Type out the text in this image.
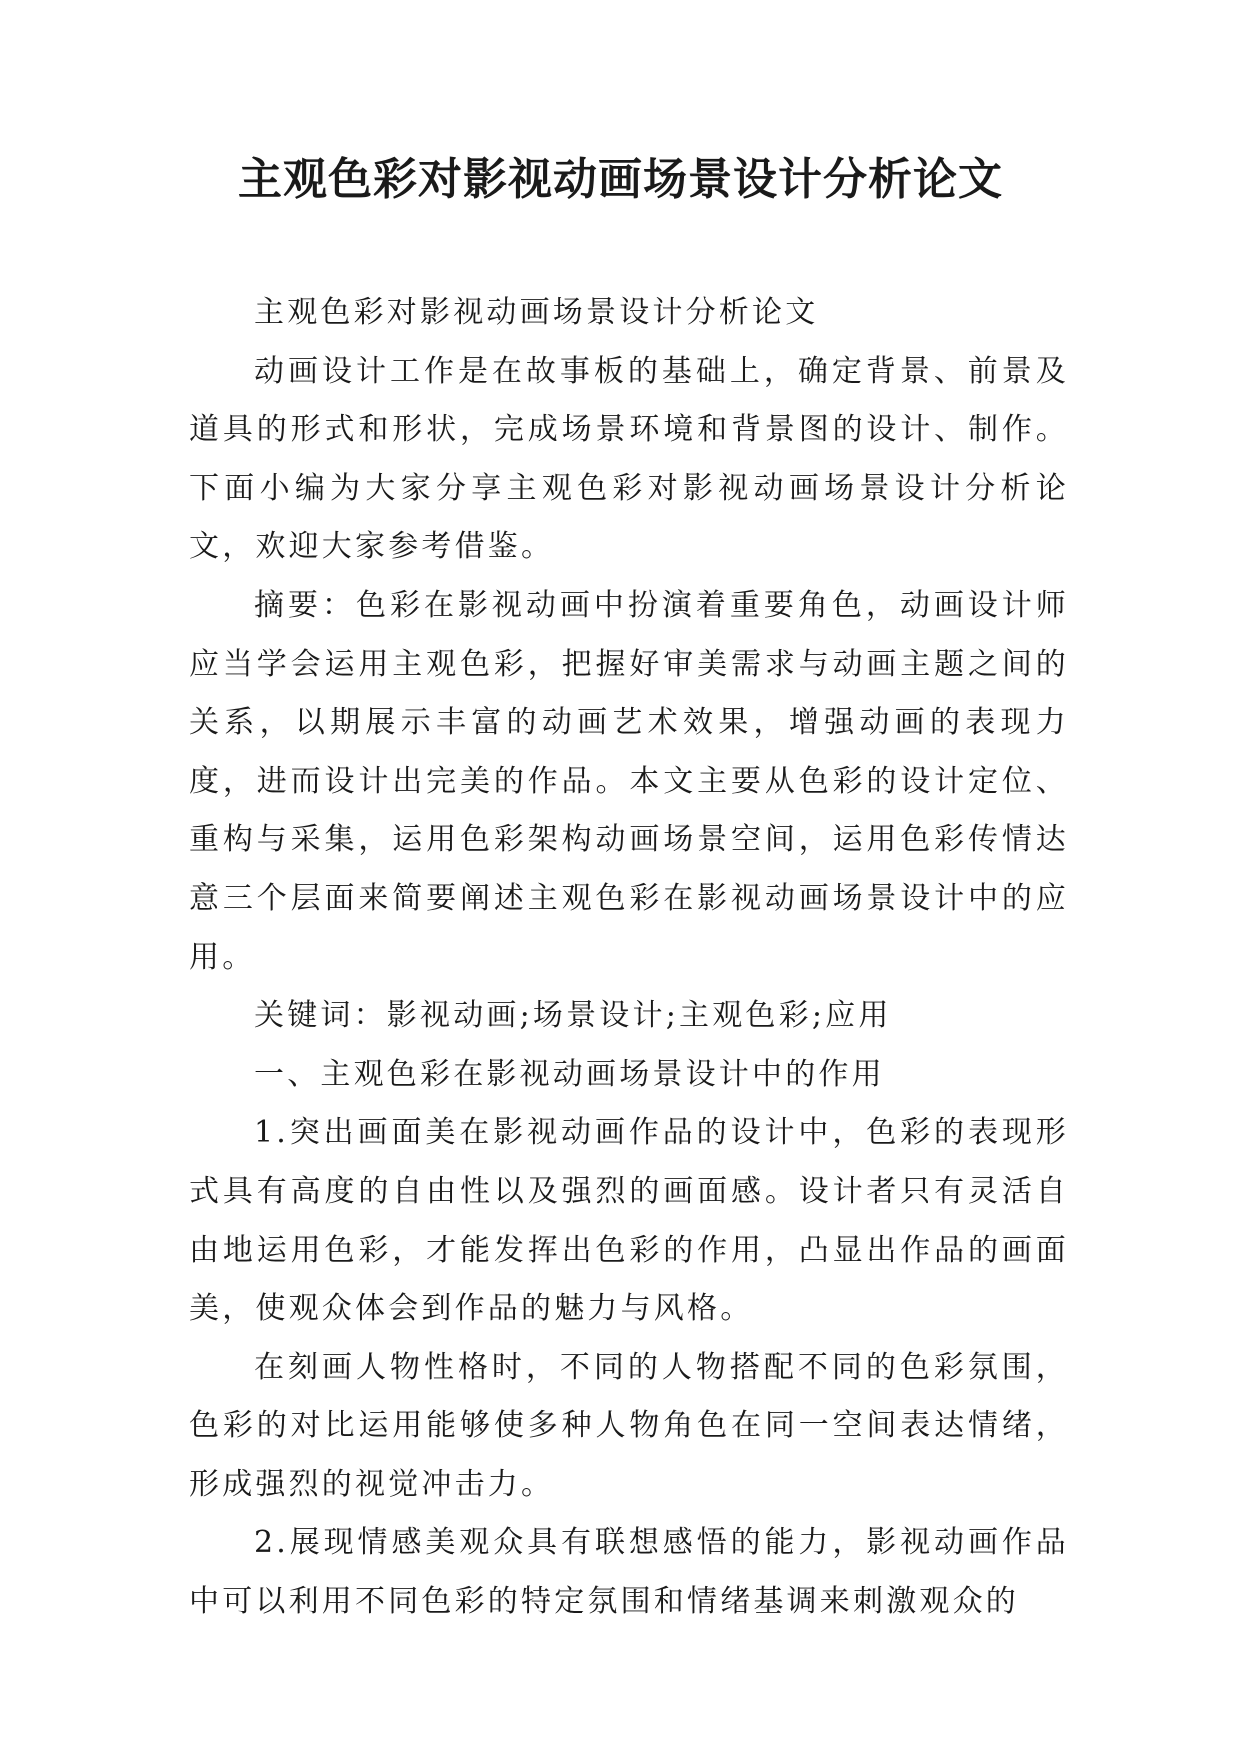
主观色彩对影视动画场景设计分析论文

主观色彩对影视动画场景设计分析论文

动画设计工作是在故事板的基础上，确定背景、前景及道具的形式和形状，完成场景环境和背景图的设计、制作。下面小编为大家分享主观色彩对影视动画场景设计分析论文，欢迎大家参考借鉴。

摘要：色彩在影视动画中扮演着重要角色，动画设计师应当学会运用主观色彩，把握好审美需求与动画主题之间的关系，以期展示丰富的动画艺术效果，增强动画的表现力度，进而设计出完美的作品。本文主要从色彩的设计定位、重构与采集，运用色彩架构动画场景空间，运用色彩传情达意三个层面来简要阐述主观色彩在影视动画场景设计中的应用。

关键词：影视动画;场景设计;主观色彩;应用

一、主观色彩在影视动画场景设计中的作用

1.突出画面美在影视动画作品的设计中，色彩的表现形式具有高度的自由性以及强烈的画面感。设计者只有灵活自由地运用色彩，才能发挥出色彩的作用，凸显出作品的画面美，使观众体会到作品的魅力与风格。

在刻画人物性格时，不同的人物搭配不同的色彩氛围，色彩的对比运用能够使多种人物角色在同一空间表达情绪，形成强烈的视觉冲击力。

2.展现情感美观众具有联想感悟的能力，影视动画作品中可以利用不同色彩的特定氛围和情绪基调来刺激观众的
